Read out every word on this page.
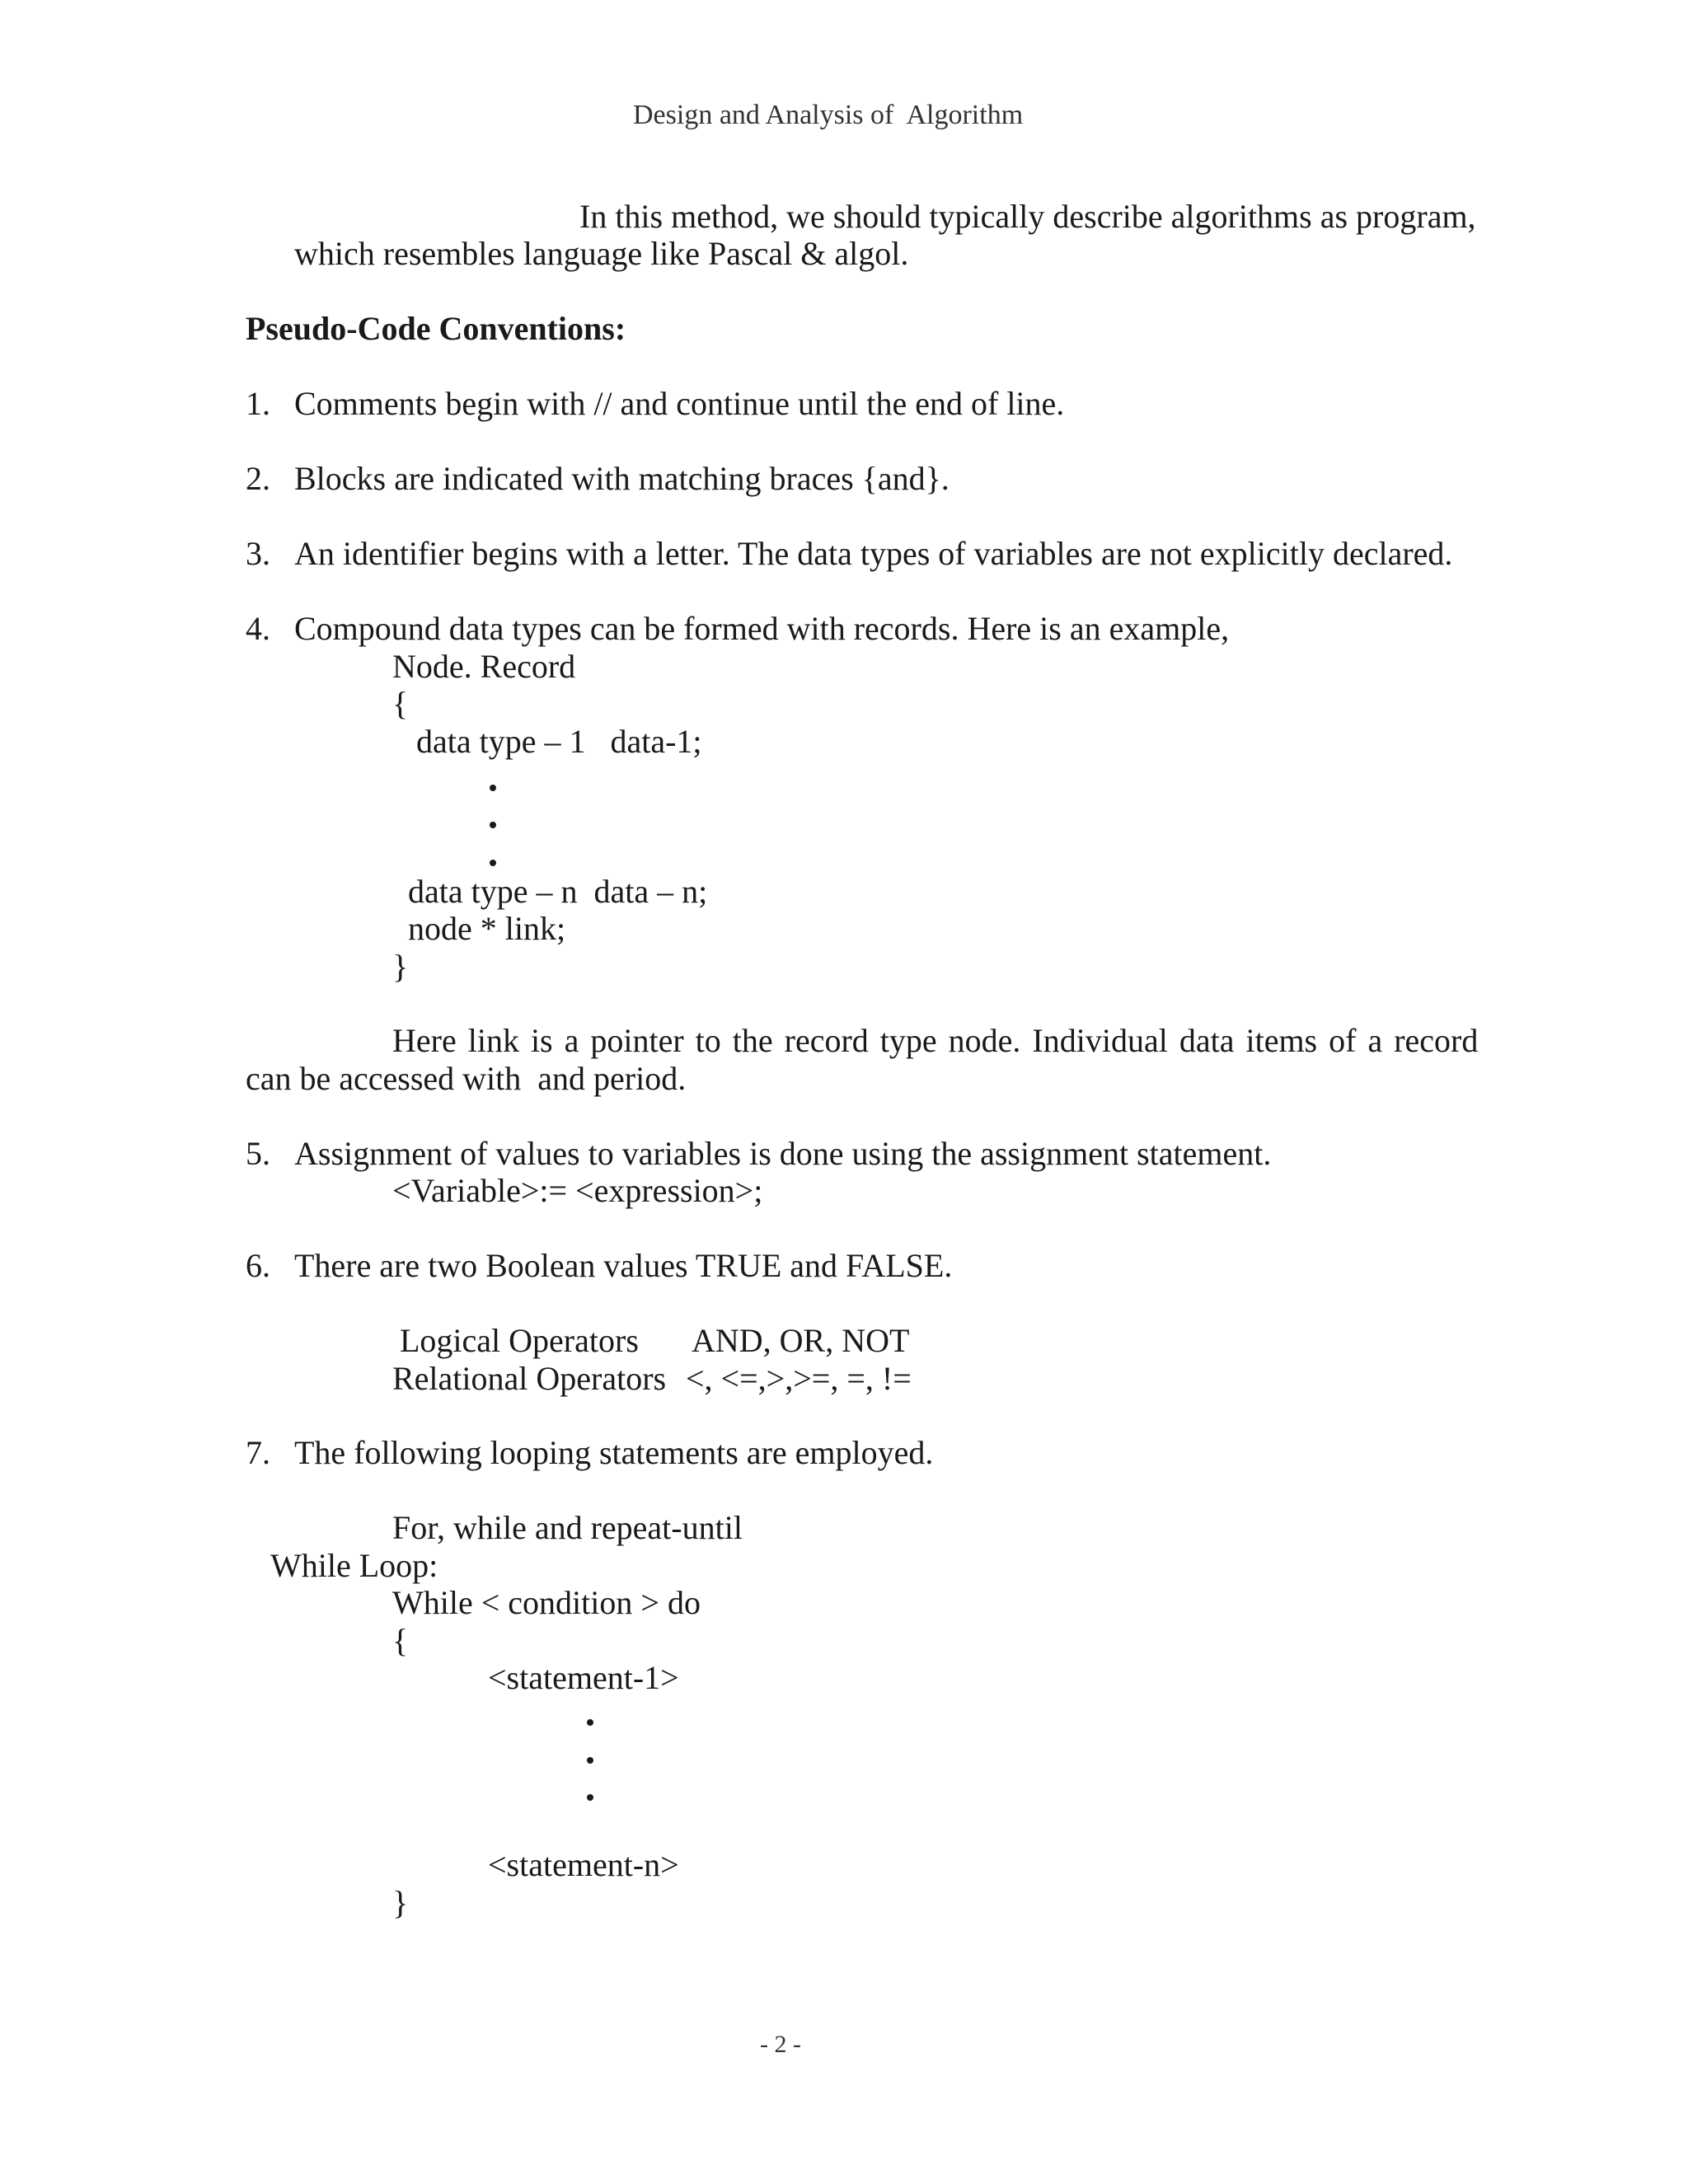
Design and Analysis of  Algorithm
In this method, we should typically describe algorithms as program,
which resembles language like Pascal & algol.
Pseudo-Code Conventions:
1. Comments begin with // and continue until the end of line.
2. Blocks are indicated with matching braces {and}.
3. An identifier begins with a letter. The data types of variables are not explicitly declared.
4. Compound data types can be formed with records. Here is an example,
Node. Record
{
data type – 1   data-1;
data type – n  data – n;
node * link;
}
Here link is a pointer to the record type node. Individual data items of a record
can be accessed with  and period.
5. Assignment of values to variables is done using the assignment statement.
<Variable>:= <expression>;
6. There are two Boolean values TRUE and FALSE.
Logical Operators AND, OR, NOT
Relational Operators <, <=,>,>=, =, !=
7. The following looping statements are employed.
For, while and repeat-until
While Loop:
While < condition > do
{
<statement-1>
<statement-n>
}
- 2 -
